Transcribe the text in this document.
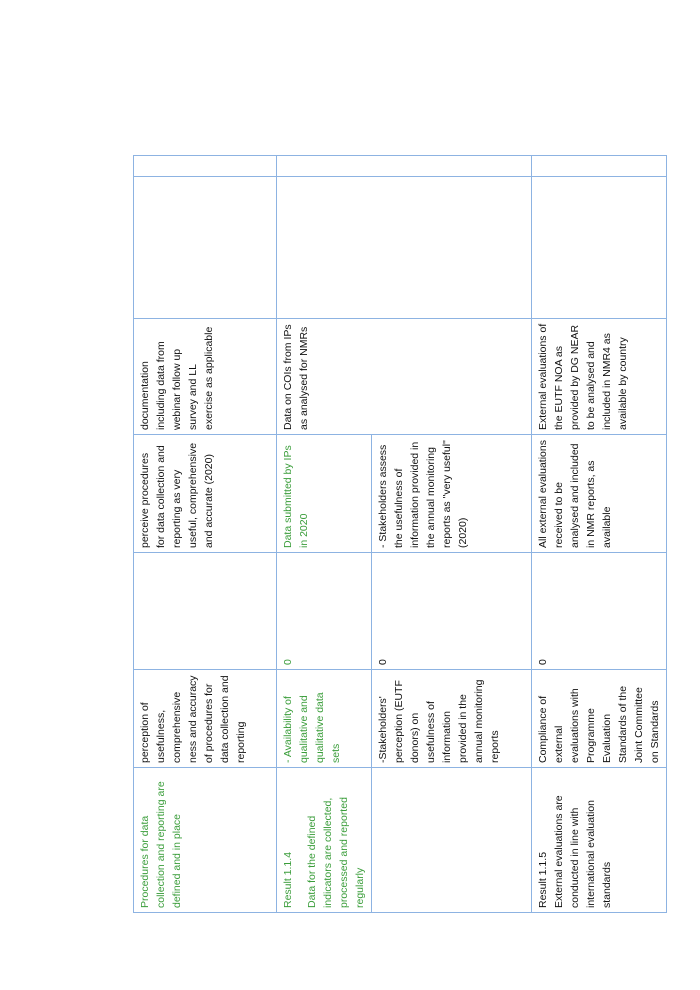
Procedures for data collection and reporting are defined and in place	perception of usefulness, comprehensive ness and accuracy of procedures for data collection and reporting		perceive procedures for data collection and reporting as very useful, comprehensive and accurate (2020)	documentation including data from webinar follow up survey and LL exercise as applicable		

Result 1.1.4 Data for the defined indicators are collected, processed and reported regularly	- Availability of qualitative and qualitative data sets	0	Data submitted by IPs in 2020	Data on COIs from IPs as analysed for NMRs		

	-Stakeholders' perception (EUTF donors) on usefulness of information provided in the annual monitoring reports	0	- Stakeholders assess the usefulness of information provided in the annual monitoring reports as "very useful" (2020)			

Result 1.1.5 External evaluations are conducted in line with international evaluation standards	Compliance of external evaluations with Programme Evaluation Standards of the Joint Committee on Standards	0	All external evaluations received to be analysed and included in NMR reports, as available	External evaluations of the EUTF NOA as provided by DG NEAR to be analysed and included in NMR4 as available by country		
